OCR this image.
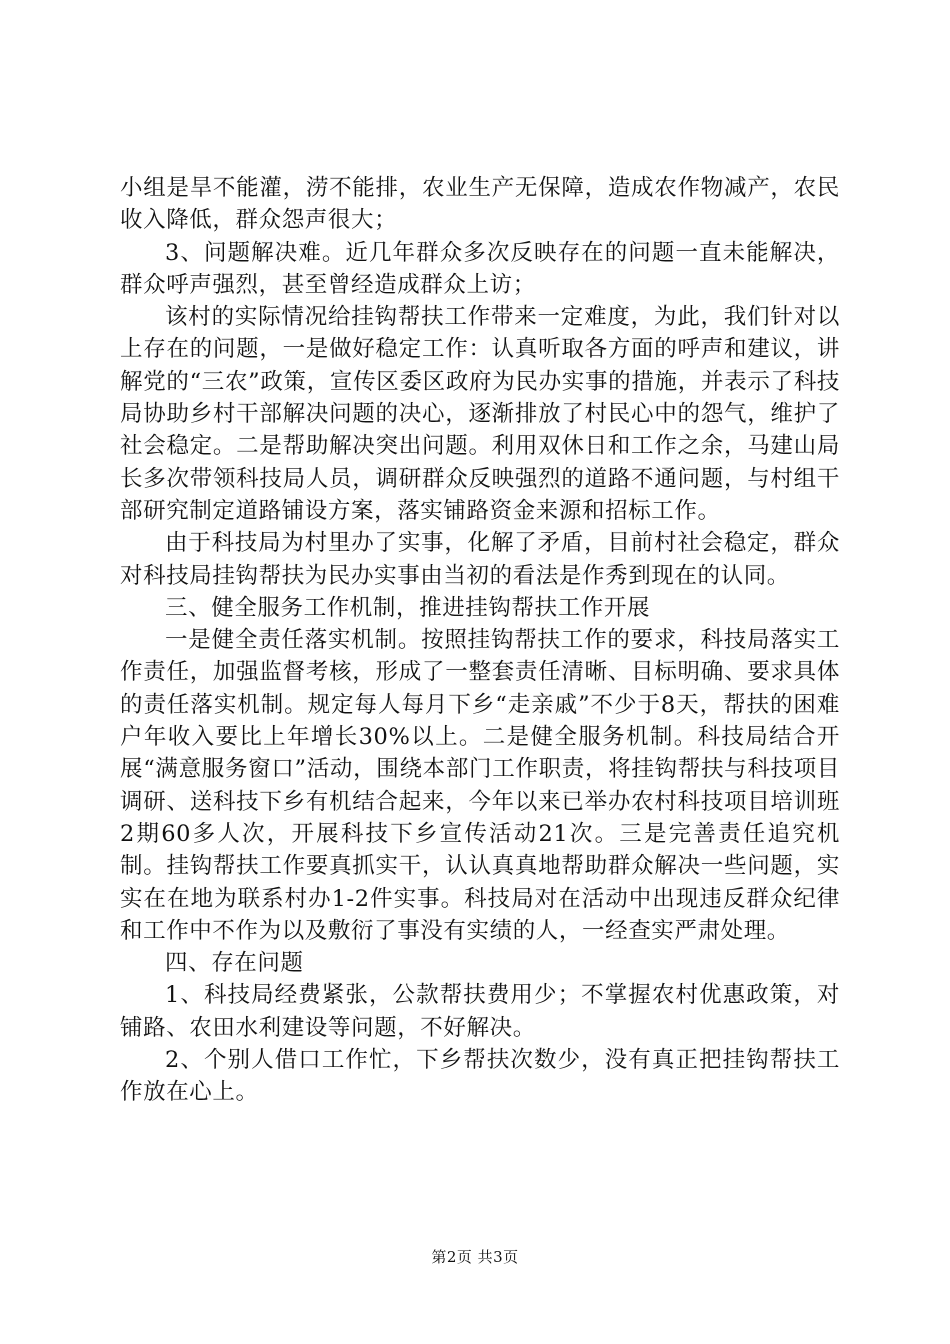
小组是旱不能灌，涝不能排，农业生产无保障，造成农作物减产，农民收入降低，群众怨声很大；

3、问题解决难。近几年群众多次反映存在的问题一直未能解决，群众呼声强烈，甚至曾经造成群众上访；

该村的实际情况给挂钩帮扶工作带来一定难度，为此，我们针对以上存在的问题，一是做好稳定工作：认真听取各方面的呼声和建议，讲解党的“三农”政策，宣传区委区政府为民办实事的措施，并表示了科技局协助乡村干部解决问题的决心，逐渐排放了村民心中的怨气，维护了社会稳定。二是帮助解决突出问题。利用双休日和工作之余，马建山局长多次带领科技局人员，调研群众反映强烈的道路不通问题，与村组干部研究制定道路铺设方案，落实铺路资金来源和招标工作。

由于科技局为村里办了实事，化解了矛盾，目前村社会稳定，群众对科技局挂钩帮扶为民办实事由当初的看法是作秀到现在的认同。

三、健全服务工作机制，推进挂钩帮扶工作开展

一是健全责任落实机制。按照挂钩帮扶工作的要求，科技局落实工作责任，加强监督考核，形成了一整套责任清晰、目标明确、要求具体的责任落实机制。规定每人每月下乡“走亲戚”不少于8天，帮扶的困难户年收入要比上年增长30%以上。二是健全服务机制。科技局结合开展“满意服务窗口”活动，围绕本部门工作职责，将挂钩帮扶与科技项目调研、送科技下乡有机结合起来，今年以来已举办农村科技项目培训班2期60多人次，开展科技下乡宣传活动21次。三是完善责任追究机制。挂钩帮扶工作要真抓实干，认认真真地帮助群众解决一些问题，实实在在地为联系村办1-2件实事。科技局对在活动中出现违反群众纪律和工作中不作为以及敷衍了事没有实绩的人，一经查实严肃处理。

四、存在问题

1、科技局经费紧张，公款帮扶费用少；不掌握农村优惠政策，对铺路、农田水利建设等问题，不好解决。

2、个别人借口工作忙，下乡帮扶次数少，没有真正把挂钩帮扶工作放在心上。

第2页 共3页
